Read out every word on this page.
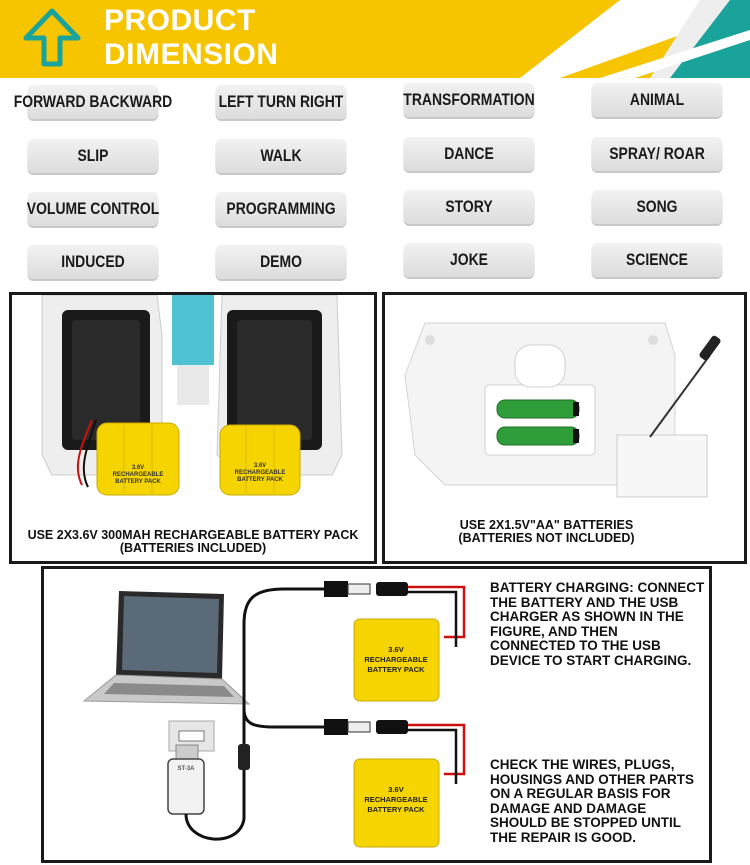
PRODUCT
DIMENSION
FORWARD BACKWARD	LEFT TURN RIGHT	TRANSFORMATION	ANIMAL
SLIP	WALK	DANCE	SPRAY/ ROAR
VOLUME CONTROL	PROGRAMMING	STORY	SONG
INDUCED	DEMO	JOKE	SCIENCE
3.6V
RECHARGEABLE
BATTERY PACK
3.6V
RECHARGEABLE
BATTERY PACK
USE 2X3.6V 300MAH RECHARGEABLE BATTERY PACK
(BATTERIES INCLUDED)
USE 2X1.5V"AA" BATTERIES
(BATTERIES NOT INCLUDED)
ST-3A
3.6V
RECHARGEABLE
BATTERY PACK
3.6V
RECHARGEABLE
BATTERY PACK
BATTERY CHARGING: CONNECT THE BATTERY AND THE USB CHARGER AS SHOWN IN THE FIGURE, AND THEN CONNECTED TO THE USB DEVICE TO START CHARGING.
CHECK THE WIRES, PLUGS, HOUSINGS AND OTHER PARTS ON A REGULAR BASIS FOR DAMAGE AND DAMAGE SHOULD BE STOPPED UNTIL THE REPAIR IS GOOD.
